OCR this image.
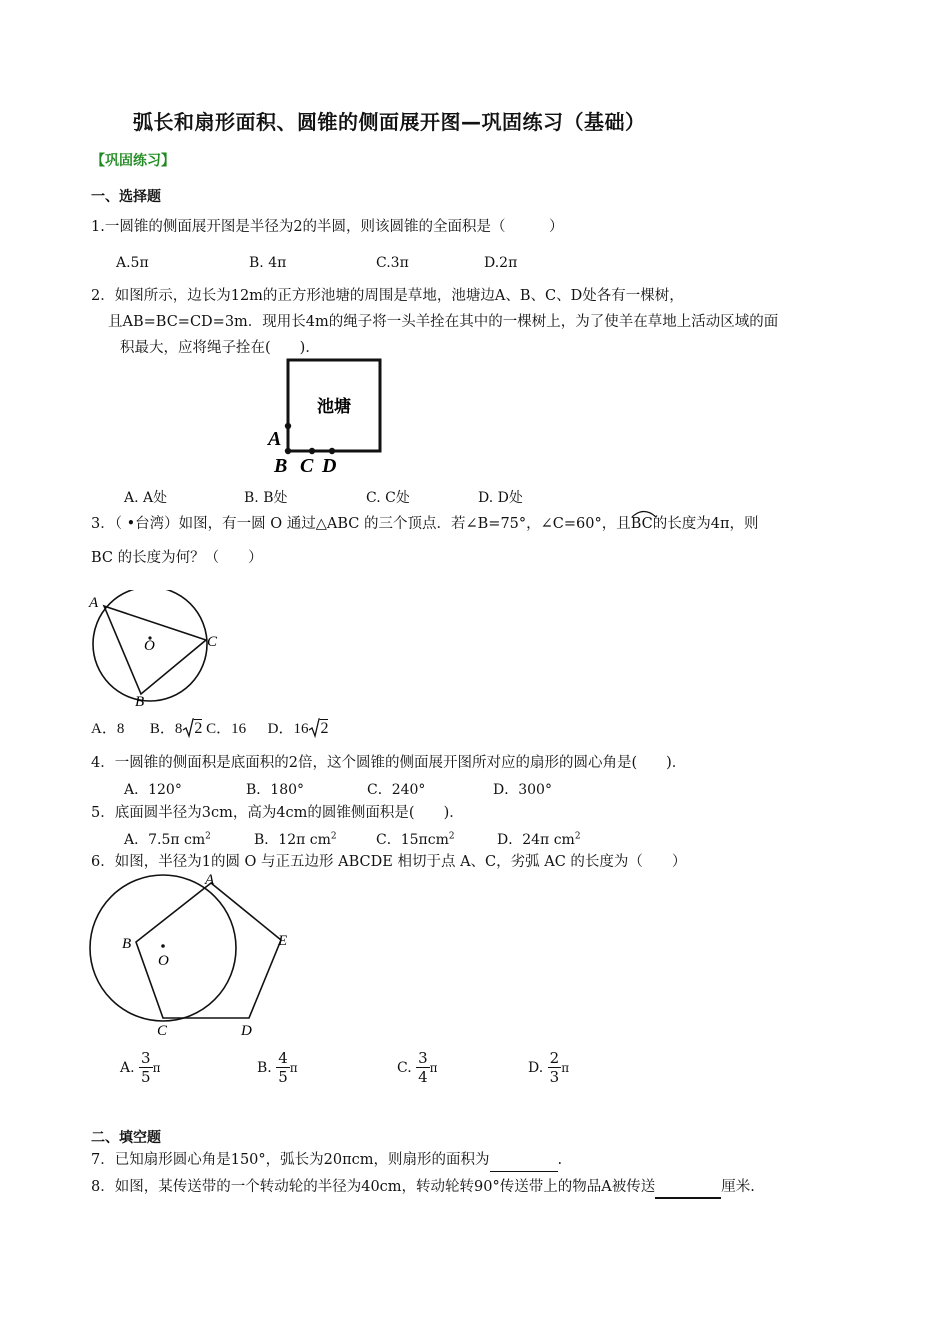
弧长和扇形面积、圆锥的侧面展开图—巩固练习（基础）
【巩固练习】
一、选择题
1.一圆锥的侧面展开图是半径为2的半圆，则该圆锥的全面积是（　　　）
A.5π	B. 4π	C.3π	D.2π
2．如图所示，边长为12m的正方形池塘的周围是草地，池塘边A、B、C、D处各有一棵树，
且AB=BC=CD=3m．现用长4m的绳子将一头羊拴在其中的一棵树上，为了使羊在草地上活动区域的面
积最大，应将绳子拴在(　　)．
池塘
A
B C D
A. A处	B. B处	C. C处	D. D处
3．（ •台湾）如图，有一圆 O 通过△ABC 的三个顶点．若∠B=75°，∠C=60°，且
BC的长度为4π，则
BC 的长度为何？（　　）
A
B
C
O
A．8 B．8 2 C．16 D．16 2
4．一圆锥的侧面积是底面积的2倍，这个圆锥的侧面展开图所对应的扇形的圆心角是(　　)．
A．120°	B．180°	C．240°	D．300°
5．底面圆半径为3cm，高为4cm的圆锥侧面积是(　　)．
A．7.5π $cm^2$	B．12π $cm^2$	C．15πcm$^2$	D．24π $cm^2$
6．如图，半径为1的圆 O 与正五边形 ABCDE 相切于点 A、C，劣弧 AC 的长度为（　　）
A
B
C	D
E
O
A. $\frac{3}{5}$ π	B. $\frac{4}{5}$ π	C. $\frac{3}{4}$ π	D. $\frac{2}{3}$ π
二、填空题
7．已知扇形圆心角是150°，弧长为20πcm，则扇形的面积为	.
8．如图，某传送带的一个转动轮的半径为40cm，转动轮转90°传送带上的物品A被传送	厘米.
